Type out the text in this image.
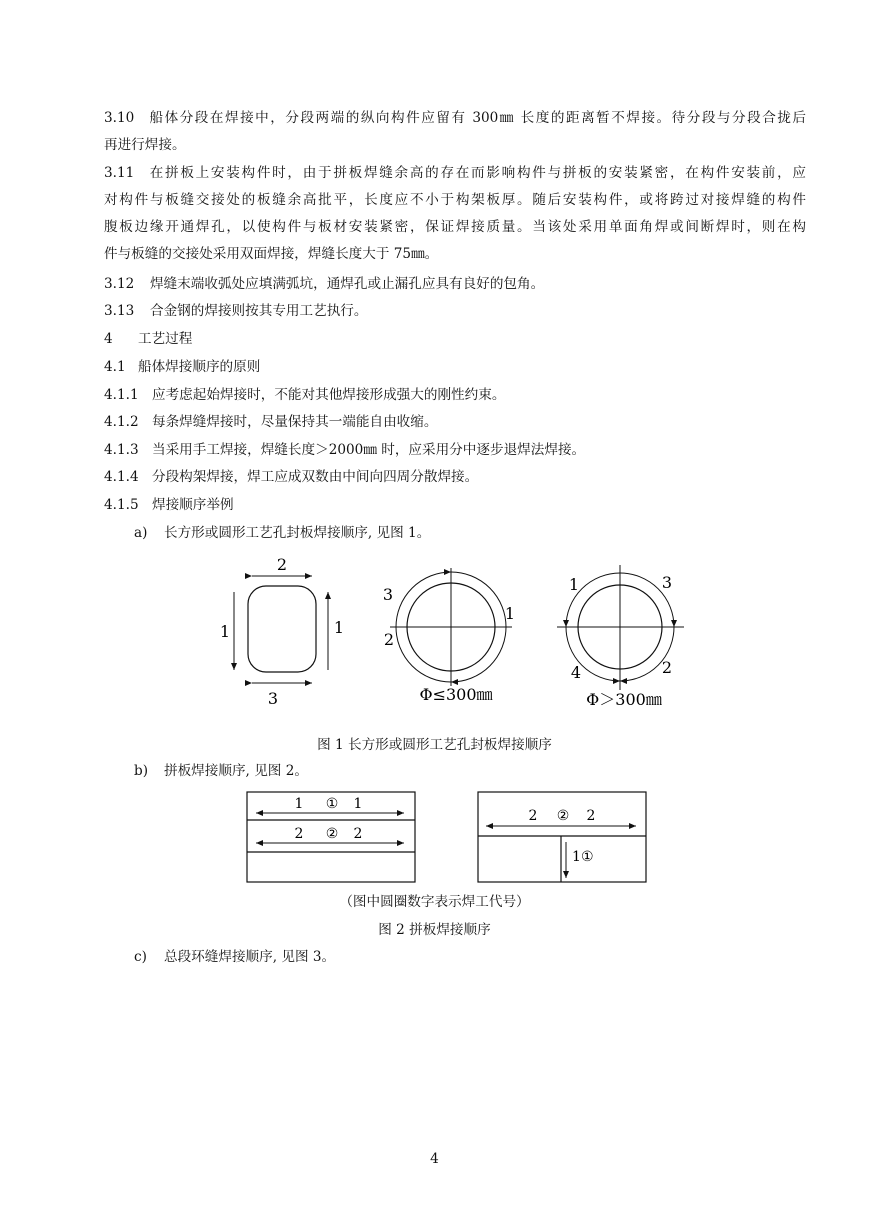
3.10 船体分段在焊接中，分段两端的纵向构件应留有 300㎜ 长度的距离暂不焊接。待分段与分段合拢后
再进行焊接。
3.11 在拼板上安装构件时，由于拼板焊缝余高的存在而影响构件与拼板的安装紧密，在构件安装前，应
对构件与板缝交接处的板缝余高批平，长度应不小于构架板厚。随后安装构件，或将跨过对接焊缝的构件
腹板边缘开通焊孔，以使构件与板材安装紧密，保证焊接质量。当该处采用单面角焊或间断焊时，则在构
件与板缝的交接处采用双面焊接，焊缝长度大于 75㎜。
3.12 焊缝末端收弧处应填满弧坑，通焊孔或止漏孔应具有良好的包角。
3.13 合金钢的焊接则按其专用工艺执行。
4 工艺过程
4.1 船体焊接顺序的原则
4.1.1 应考虑起始焊接时，不能对其他焊接形成强大的刚性约束。
4.1.2 每条焊缝焊接时，尽量保持其一端能自由收缩。
4.1.3 当采用手工焊接，焊缝长度＞2000㎜ 时，应采用分中逐步退焊法焊接。
4.1.4 分段构架焊接，焊工应成双数由中间向四周分散焊接。
4.1.5 焊接顺序举例
a) 长方形或圆形工艺孔封板焊接顺序, 见图 1。
2
1	1
3
3
1
2
Φ≤300㎜
1	3
2
4
Φ＞300㎜
1 ① 1
2 ② 2
2 ② 2
1 ①
图 1 长方形或圆形工艺孔封板焊接顺序
b) 拼板焊接顺序, 见图 2。
（图中圆圈数字表示焊工代号）
图 2 拼板焊接顺序
c) 总段环缝焊接顺序, 见图 3。
4
